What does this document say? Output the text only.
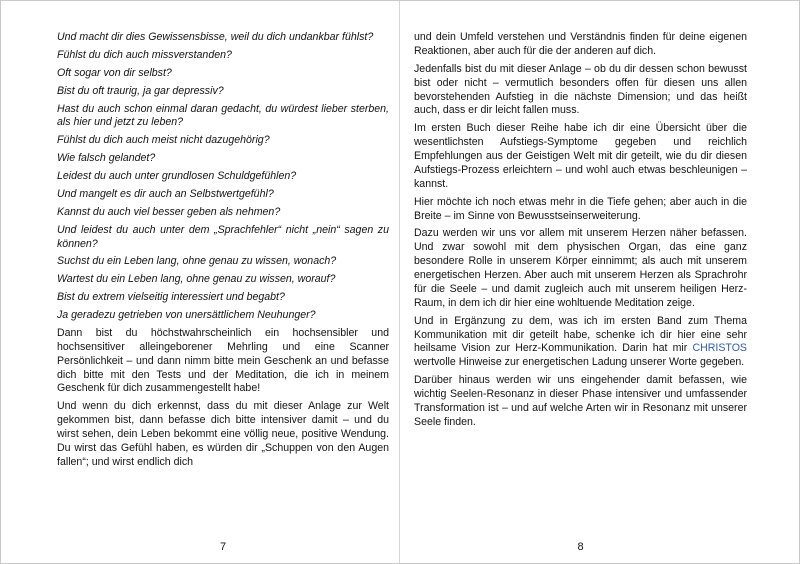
Und macht dir dies Gewissensbisse, weil du dich undankbar fühlst?

Fühlst du dich auch missverstanden?

Oft sogar von dir selbst?

Bist du oft traurig, ja gar depressiv?

Hast du auch schon einmal daran gedacht, du würdest lieber sterben, als hier und jetzt zu leben?

Fühlst du dich auch meist nicht dazugehörig?

Wie falsch gelandet?

Leidest du auch unter grundlosen Schuldgefühlen?

Und mangelt es dir auch an Selbstwertgefühl?

Kannst du auch viel besser geben als nehmen?

Und leidest du auch unter dem „Sprachfehler“ nicht „nein“ sagen zu können?

Suchst du ein Leben lang, ohne genau zu wissen, wonach?

Wartest du ein Leben lang, ohne genau zu wissen, worauf?

Bist du extrem vielseitig interessiert und begabt?

Ja geradezu getrieben von unersättlichem Neuhunger?

Dann bist du höchstwahrscheinlich ein hochsensibler und hochsensitiver alleingeborener Mehrling und eine Scanner Persönlichkeit – und dann nimm bitte mein Geschenk an und befasse dich bitte mit den Tests und der Meditation, die ich in meinem Geschenk für dich zusammengestellt habe!

Und wenn du dich erkennst, dass du mit dieser Anlage zur Welt gekommen bist, dann befasse dich bitte intensiver damit – und du wirst sehen, dein Leben bekommt eine völlig neue, positive Wendung. Du wirst das Gefühl haben, es würden dir „Schuppen von den Augen fallen“; und wirst endlich dich

7

und dein Umfeld verstehen und Verständnis finden für deine eigenen Reaktionen, aber auch für die der anderen auf dich.

Jedenfalls bist du mit dieser Anlage – ob du dir dessen schon bewusst bist oder nicht – vermutlich besonders offen für diesen uns allen bevorstehenden Aufstieg in die nächste Dimension; und das heißt auch, dass er dir leicht fallen muss.

Im ersten Buch dieser Reihe habe ich dir eine Übersicht über die wesentlichsten Aufstiegs-Symptome gegeben und reichlich Empfehlungen aus der Geistigen Welt mit dir geteilt, wie du dir diesen Aufstiegs-Prozess erleichtern – und wohl auch etwas beschleunigen – kannst.

Hier möchte ich noch etwas mehr in die Tiefe gehen; aber auch in die Breite – im Sinne von Bewusstseinserweiterung.

Dazu werden wir uns vor allem mit unserem Herzen näher befassen. Und zwar sowohl mit dem physischen Organ, das eine ganz besondere Rolle in unserem Körper einnimmt; als auch mit unserem energetischen Herzen. Aber auch mit unserem Herzen als Sprachrohr für die Seele – und damit zugleich auch mit unserem heiligen Herz-Raum, in dem ich dir hier eine wohltuende Meditation zeige.

Und in Ergänzung zu dem, was ich im ersten Band zum Thema Kommunikation mit dir geteilt habe, schenke ich dir hier eine sehr heilsame Vision zur Herz-Kommunikation. Darin hat mir CHRISTOS wertvolle Hinweise zur energetischen Ladung unserer Worte gegeben.

Darüber hinaus werden wir uns eingehender damit befassen, wie wichtig Seelen-Resonanz in dieser Phase intensiver und umfassender Transformation ist – und auf welche Arten wir in Resonanz mit unserer Seele finden.

8
